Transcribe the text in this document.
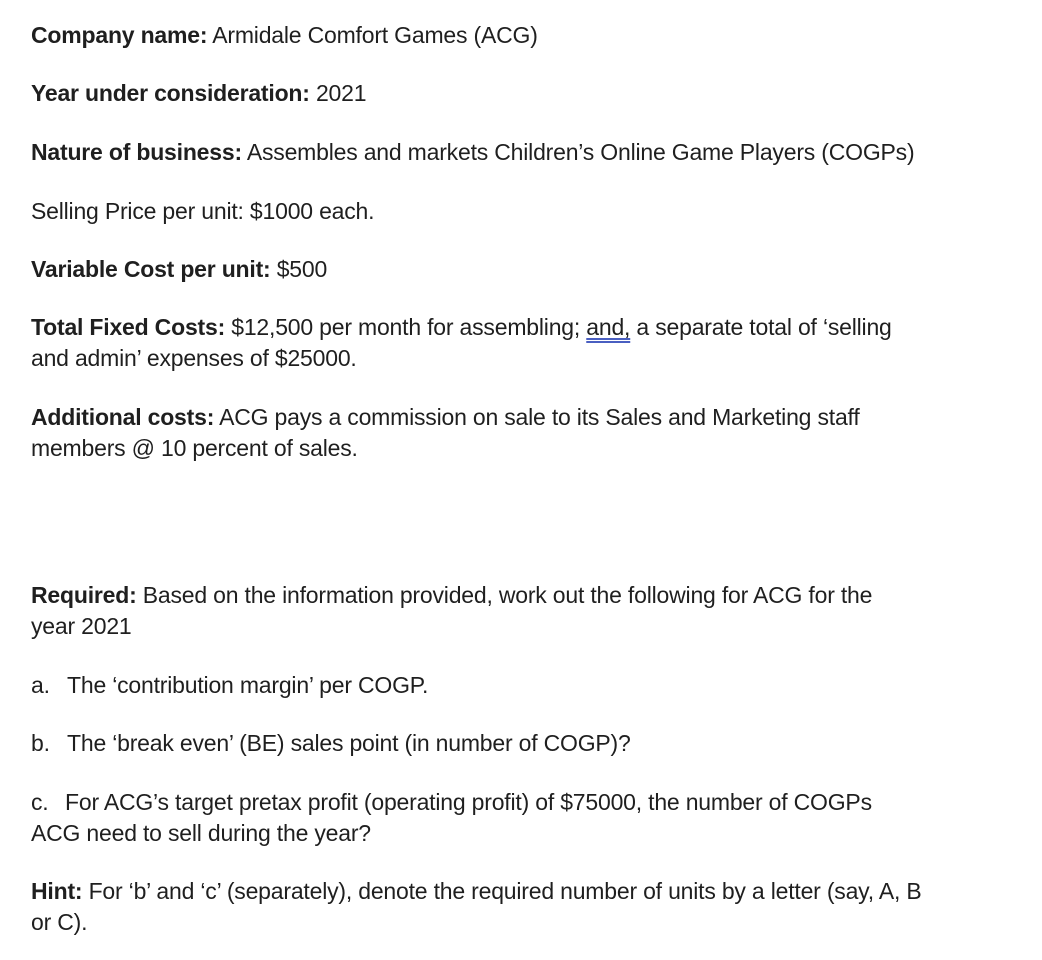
Company name: Armidale Comfort Games (ACG)

Year under consideration: 2021

Nature of business: Assembles and markets Children’s Online Game Players (COGPs)

Selling Price per unit: $1000 each.

Variable Cost per unit: $500

Total Fixed Costs: $12,500 per month for assembling; and, a separate total of ‘selling and admin’ expenses of $25000.

Additional costs: ACG pays a commission on sale to its Sales and Marketing staff members @ 10 percent of sales.

Required: Based on the information provided, work out the following for ACG for the year 2021

a. The ‘contribution margin’ per COGP.

b. The ‘break even’ (BE) sales point (in number of COGP)?

c. For ACG’s target pretax profit (operating profit) of $75000, the number of COGPs ACG need to sell during the year?

Hint: For ‘b’ and ‘c’ (separately), denote the required number of units by a letter (say, A, B or C).
